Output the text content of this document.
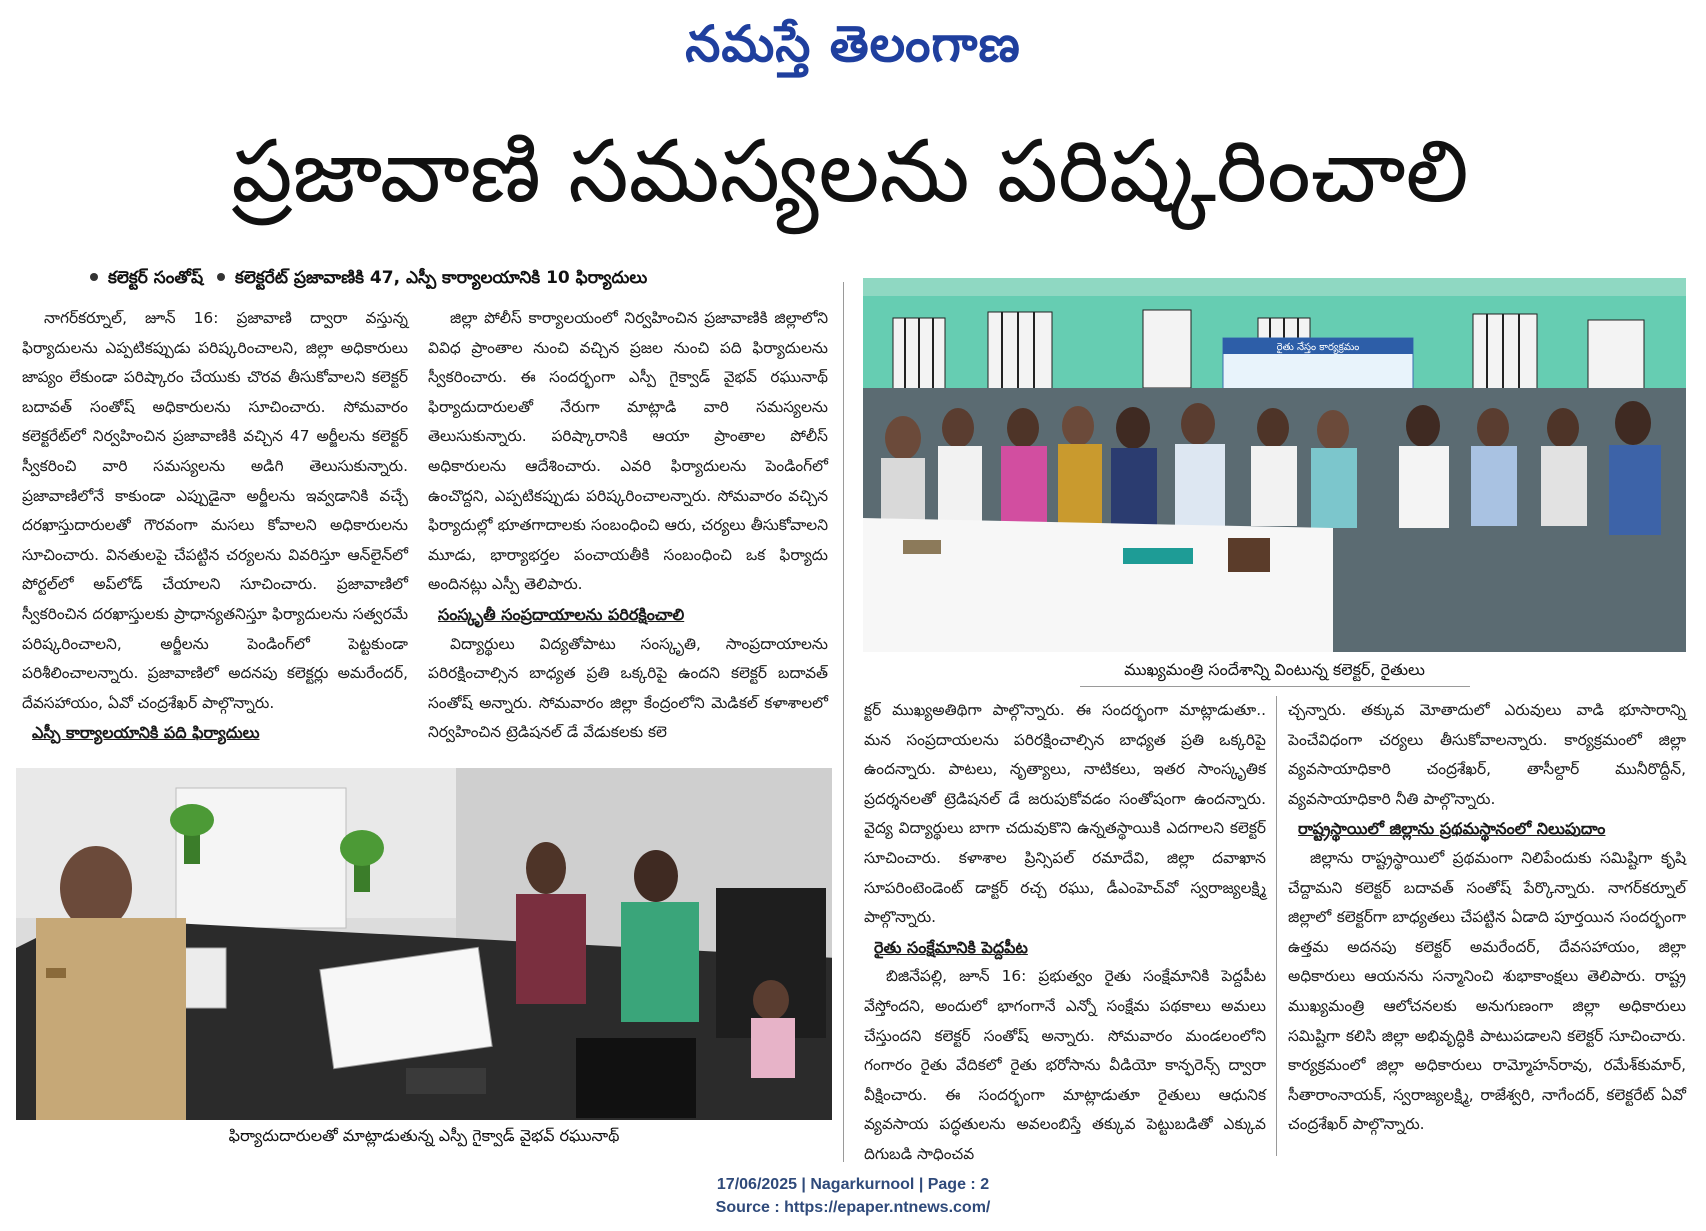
నమస్తే తెలంగాణ
ప్రజావాణి సమస్యలను పరిష్కరించాలి
కలెక్టర్ సంతోష్ కలెక్టరేట్ ప్రజావాణికి 47, ఎస్పీ కార్యాలయానికి 10 ఫిర్యాదులు

నాగర్‌కర్నూల్, జూన్ 16: ప్రజావాణి ద్వారా వస్తున్న ఫిర్యాదులను ఎప్పటికప్పుడు పరిష్కరించాలని, జిల్లా అధికారులు జాప్యం లేకుండా పరిష్కారం చేయుకు చొరవ తీసుకోవాలని కలెక్టర్ బదావత్ సంతోష్ అధికారులను సూచించారు. సోమవారం కలెక్టరేట్‌లో నిర్వహించిన ప్రజావాణికి వచ్చిన 47 అర్జీలను కలెక్టర్ స్వీకరించి వారి సమస్యలను అడిగి తెలుసుకున్నారు. ప్రజావాణిలోనే కాకుండా ఎప్పుడైనా అర్జీలను ఇవ్వడానికి వచ్చే దరఖాస్తుదారులతో గౌరవంగా మసలు కోవాలని అధికారులను సూచించారు. వినతులపై చేపట్టిన చర్యలను వివరిస్తూ ఆన్‌లైన్‌లో పోర్టల్‌లో అప్‌లోడ్ చేయాలని సూచించారు. ప్రజావాణిలో స్వీకరించిన దరఖాస్తులకు ప్రాధాన్యతనిస్తూ ఫిర్యాదులను సత్వరమే పరిష్కరించాలని, అర్జీలను పెండింగ్‌లో పెట్టకుండా పరిశీలించాలన్నారు. ప్రజావాణిలో అదనపు కలెక్టర్లు అమరేందర్, దేవసహాయం, ఏవో చంద్రశేఖర్ పాల్గొన్నారు.

ఎస్పీ కార్యాలయానికి పది ఫిర్యాదులు

జిల్లా పోలీస్ కార్యాలయంలో నిర్వహించిన ప్రజావాణికి జిల్లాలోని వివిధ ప్రాంతాల నుంచి వచ్చిన ప్రజల నుంచి పది ఫిర్యాదులను స్వీకరించారు. ఈ సందర్భంగా ఎస్పీ గైక్వాడ్ వైభవ్ రఘునాథ్ ఫిర్యాదుదారులతో నేరుగా మాట్లాడి వారి సమస్యలను తెలుసుకున్నారు. పరిష్కారానికి ఆయా ప్రాంతాల పోలీస్ అధికారులను ఆదేశించారు. ఎవరి ఫిర్యాదులను పెండింగ్‌లో ఉంచొద్దని, ఎప్పటికప్పుడు పరిష్కరించాలన్నారు. సోమవారం వచ్చిన ఫిర్యాదుల్లో భూతగాదాలకు సంబంధించి ఆరు, చర్యలు తీసుకోవాలని మూడు, భార్యాభర్తల పంచాయతీకి సంబంధించి ఒక ఫిర్యాదు అందినట్లు ఎస్పీ తెలిపారు.

సంస్కృతీ సంప్రదాయాలను పరిరక్షించాలి

విద్యార్థులు విద్యతోపాటు సంస్కృతి, సాంప్రదాయాలను పరిరక్షించాల్సిన బాధ్యత ప్రతి ఒక్కరిపై ఉందని కలెక్టర్ బదావత్ సంతోష్ అన్నారు. సోమవారం జిల్లా కేంద్రంలోని మెడికల్ కళాశాలలో నిర్వహించిన ట్రెడిషనల్ డే వేడుకలకు కలె

రైతు నేస్తం కార్యక్రమం
ముఖ్యమంత్రి సందేశాన్ని వింటున్న కలెక్టర్, రైతులు

క్టర్ ముఖ్యఅతిథిగా పాల్గొన్నారు. ఈ సందర్భంగా మాట్లాడుతూ.. మన సంప్రదాయలను పరిరక్షించాల్సిన బాధ్యత ప్రతి ఒక్కరిపై ఉందన్నారు. పాటలు, నృత్యాలు, నాటికలు, ఇతర సాంస్కృతిక ప్రదర్శనలతో ట్రెడిషనల్ డే జరుపుకోవడం సంతోషంగా ఉందన్నారు. వైద్య విద్యార్థులు బాగా చదువుకొని ఉన్నతస్థాయికి ఎదగాలని కలెక్టర్ సూచించారు. కళాశాల ప్రిన్సిపల్ రమాదేవి, జిల్లా దవాఖాన సూపరింటెండెంట్ డాక్టర్ రచ్చ రఘు, డీఎంహెచ్‌వో స్వరాజ్యలక్ష్మి పాల్గొన్నారు.

రైతు సంక్షేమానికి పెద్దపీట

బిజినేపల్లి, జూన్ 16: ప్రభుత్వం రైతు సంక్షేమానికి పెద్దపీట వేస్తోందని, అందులో భాగంగానే ఎన్నో సంక్షేమ పథకాలు అమలు చేస్తుందని కలెక్టర్ సంతోష్ అన్నారు. సోమవారం మండలంలోని గంగారం రైతు వేదికలో రైతు భరోసాను వీడియో కాన్ఫరెన్స్ ద్వారా వీక్షించారు. ఈ సందర్భంగా మాట్లాడుతూ రైతులు ఆధునిక వ్యవసాయ పద్ధతులను అవలంబిస్తే తక్కువ పెట్టుబడితో ఎక్కువ దిగుబడి సాధించవ

చ్చన్నారు. తక్కువ మోతాదులో ఎరువులు వాడి భూసారాన్ని పెంచేవిధంగా చర్యలు తీసుకోవాలన్నారు. కార్యక్రమంలో జిల్లా వ్యవసాయాధికారి చంద్రశేఖర్, తాసీల్దార్ మునీరొద్దీన్, వ్యవసాయాధికారి నీతి పాల్గొన్నారు.

రాష్ట్రస్థాయిలో జిల్లాను ప్రథమస్థానంలో నిలుపుదాం

జిల్లాను రాష్ట్రస్థాయిలో ప్రథమంగా నిలిపేందుకు సమిష్టిగా కృషి చేద్దామని కలెక్టర్ బదావత్ సంతోష్ పేర్కొన్నారు. నాగర్‌కర్నూల్ జిల్లాలో కలెక్టర్‌గా బాధ్యతలు చేపట్టిన ఏడాది పూర్తయిన సందర్భంగా ఉత్తమ అదనపు కలెక్టర్ అమరేందర్, దేవసహాయం, జిల్లా అధికారులు ఆయనను సన్మానించి శుభాకాంక్షలు తెలిపారు. రాష్ట్ర ముఖ్యమంత్రి ఆలోచనలకు అనుగుణంగా జిల్లా అధికారులు సమిష్టిగా కలిసి జిల్లా అభివృద్ధికి పాటుపడాలని కలెక్టర్ సూచించారు. కార్యక్రమంలో జిల్లా అధికారులు రామ్మోహన్‌రావు, రమేశ్‌కుమార్, సీతారాంనాయక్, స్వరాజ్యలక్ష్మి, రాజేశ్వరి, నాగేందర్, కలెక్టరేట్ ఏవో చంద్రశేఖర్ పాల్గొన్నారు.

ఫిర్యాదుదారులతో మాట్లాడుతున్న ఎస్పీ గైక్వాడ్ వైభవ్ రఘునాథ్
17/06/2025 | Nagarkurnool | Page : 2
Source : https://epaper.ntnews.com/
